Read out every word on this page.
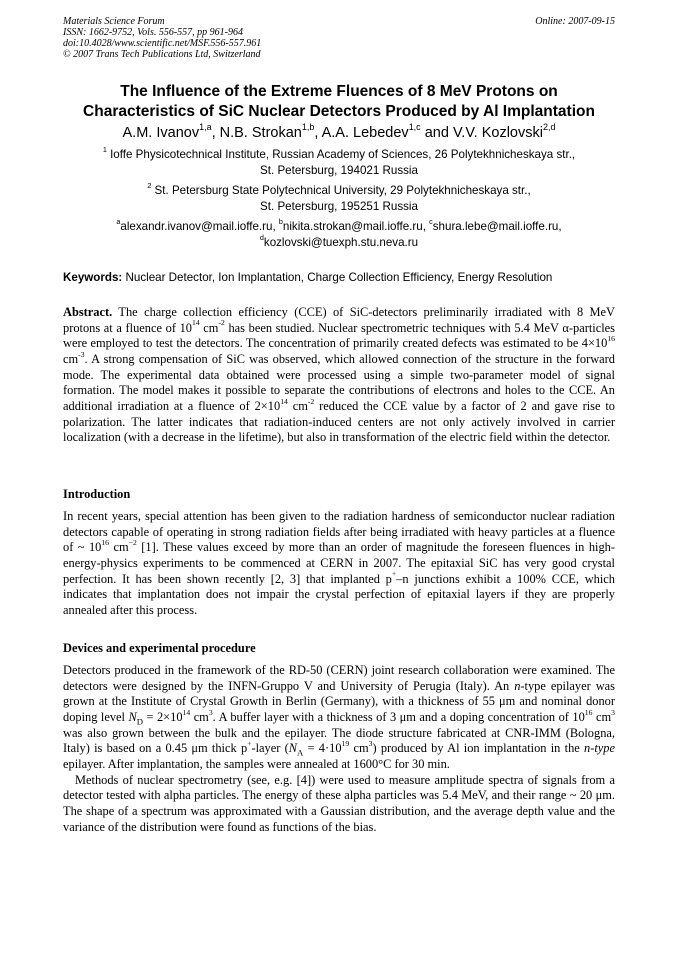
Materials Science Forum
ISSN: 1662-9752, Vols. 556-557, pp 961-964
doi:10.4028/www.scientific.net/MSF.556-557.961
© 2007 Trans Tech Publications Ltd, Switzerland
Online: 2007-09-15
The Influence of the Extreme Fluences of 8 MeV Protons on
Characteristics of SiC Nuclear Detectors Produced by Al Implantation
A.M. Ivanov$^{1,a}$, N.B. Strokan$^{1,b}$, A.A. Lebedev$^{1,c}$ and V.V. Kozlovski$^{2,d}$
$^1$ Ioffe Physicotechnical Institute, Russian Academy of Sciences, 26 Polytekhnicheskaya str.,
St. Petersburg, 194021 Russia
$^2$ St. Petersburg State Polytechnical University, 29 Polytekhnicheskaya str.,
St. Petersburg, 195251 Russia
$^a$alexandr.ivanov@mail.ioffe.ru, $^b$nikita.strokan@mail.ioffe.ru, $^c$shura.lebe@mail.ioffe.ru,
$^d$kozlovski@tuexph.stu.neva.ru
Keywords: Nuclear Detector, Ion Implantation, Charge Collection Efficiency, Energy Resolution
Abstract. The charge collection efficiency (CCE) of SiC-detectors preliminarily irradiated with 8 MeV protons at a fluence of $10^{14}$ $cm^{-2}$ has been studied. Nuclear spectrometric techniques with 5.4 MeV α-particles were employed to test the detectors. The concentration of primarily created defects was estimated to be $4\times 10^{16}$ $cm^{-3}$. A strong compensation of SiC was observed, which allowed connection of the structure in the forward mode. The experimental data obtained were processed using a simple two-parameter model of signal formation. The model makes it possible to separate the contributions of electrons and holes to the CCE. An additional irradiation at a fluence of $2\times 10^{14}$ $cm^{-2}$ reduced the CCE value by a factor of 2 and gave rise to polarization. The latter indicates that radiation-induced centers are not only actively involved in carrier localization (with a decrease in the lifetime), but also in transformation of the electric field within the detector.
Introduction
In recent years, special attention has been given to the radiation hardness of semiconductor nuclear radiation detectors capable of operating in strong radiation fields after being irradiated with heavy particles at a fluence of ~ $10^{16}$ $cm^{-2}$ [1]. These values exceed by more than an order of magnitude the foreseen fluences in high-energy-physics experiments to be commenced at CERN in 2007. The epitaxial SiC has very good crystal perfection. It has been shown recently [2, 3] that implanted p+–n junctions exhibit a 100% CCE, which indicates that implantation does not impair the crystal perfection of epitaxial layers if they are properly annealed after this process.
Devices and experimental procedure
Detectors produced in the framework of the RD-50 (CERN) joint research collaboration were examined. The detectors were designed by the INFN-Gruppo V and University of Perugia (Italy). An n-type epilayer was grown at the Institute of Crystal Growth in Berlin (Germany), with a thickness of 55 μm and nominal donor doping level $N_D = 2\times 10^{14}$ $cm^3$. A buffer layer with a thickness of 3 μm and a doping concentration of $10^{16}$ $cm^3$ was also grown between the bulk and the epilayer. The diode structure fabricated at CNR-IMM (Bologna, Italy) is based on a 0.45 μm thick p+-layer ($N_A = 4\cdot 10^{19}$ $cm^3$) produced by Al ion implantation in the n-type epilayer. After implantation, the samples were annealed at 1600°C for 30 min.
Methods of nuclear spectrometry (see, e.g. [4]) were used to measure amplitude spectra of signals from a detector tested with alpha particles. The energy of these alpha particles was 5.4 MeV, and their range ~ 20 μm. The shape of a spectrum was approximated with a Gaussian distribution, and the average depth value and the variance of the distribution were found as functions of the bias.
